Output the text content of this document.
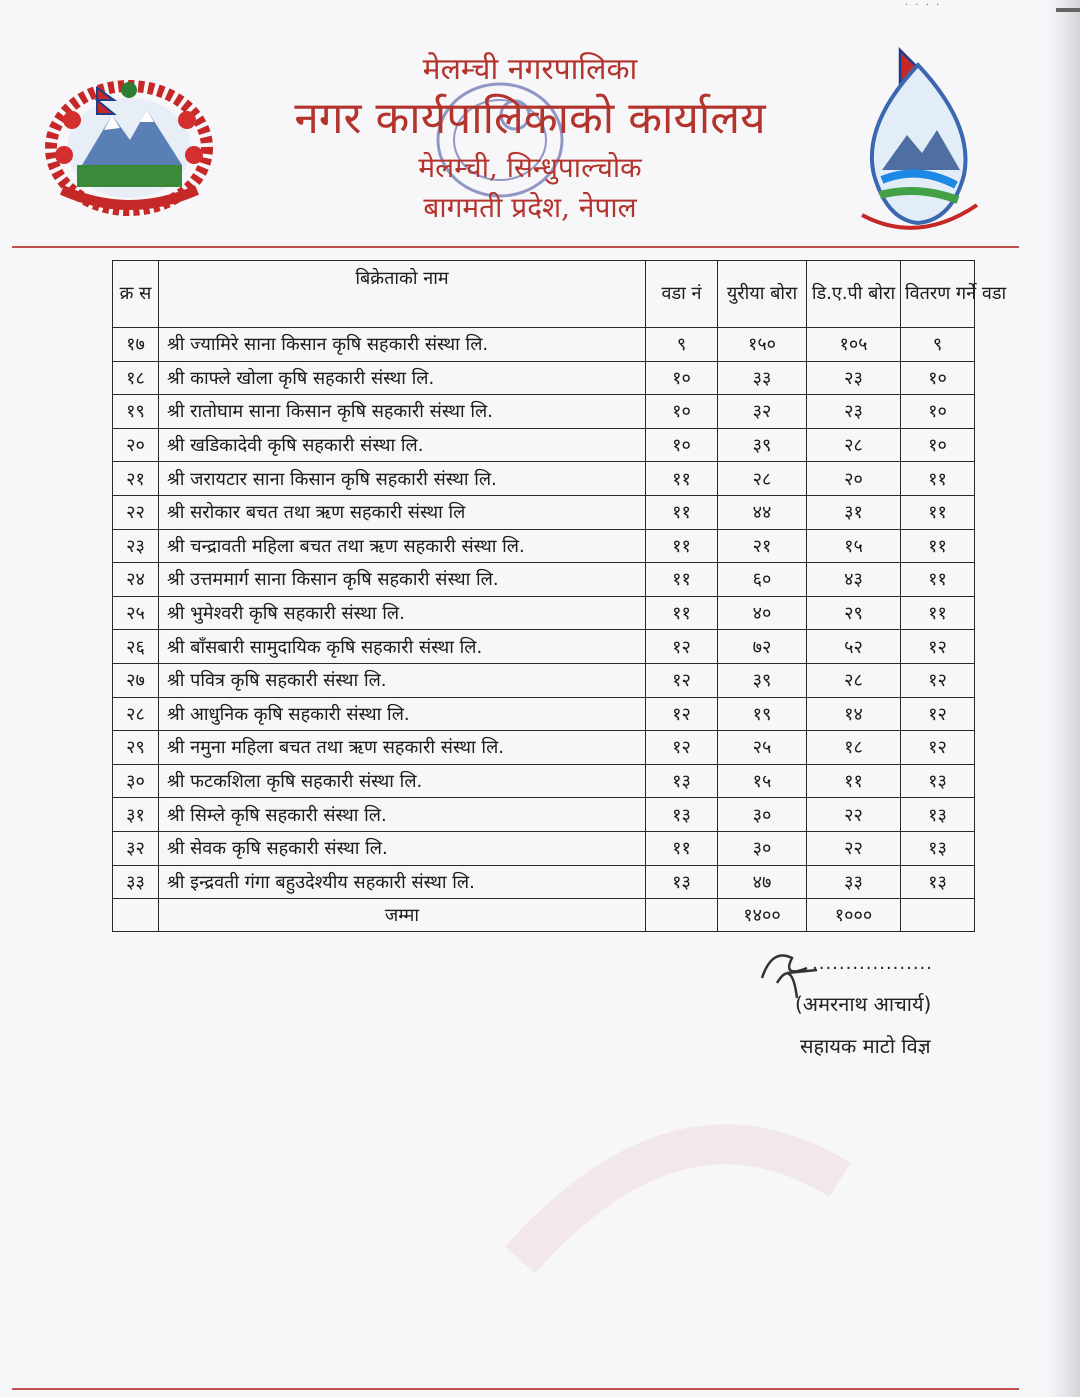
· · · ·
मेलम्ची नगरपालिका
नगर कार्यपालिकाको कार्यालय
मेलम्ची, सिन्धुपाल्चोक
बागमती प्रदेश, नेपाल
क्र स	बिक्रेताको नाम	वडा नं	युरीया बोरा	डि.ए.पी बोरा	वितरण गर्ने वडा
१७	श्री ज्यामिरे साना किसान कृषि सहकारी संस्था लि.	९	१५०	१०५	९
१८	श्री काफ्ले खोला कृषि सहकारी संस्था लि.	१०	३३	२३	१०
१९	श्री रातोघाम साना किसान कृषि सहकारी संस्था लि.	१०	३२	२३	१०
२०	श्री खडिकादेवी कृषि सहकारी संस्था लि.	१०	३९	२८	१०
२१	श्री जरायटार साना किसान कृषि सहकारी संस्था लि.	११	२८	२०	११
२२	श्री सरोकार बचत तथा ऋण सहकारी संस्था लि	११	४४	३१	११
२३	श्री चन्द्रावती महिला बचत तथा ऋण सहकारी संस्था लि.	११	२१	१५	११
२४	श्री उत्तममार्ग साना किसान कृषि सहकारी संस्था लि.	११	६०	४३	११
२५	श्री भुमेश्वरी कृषि सहकारी संस्था लि.	११	४०	२९	११
२६	श्री बाँसबारी सामुदायिक कृषि सहकारी संस्था लि.	१२	७२	५२	१२
२७	श्री पवित्र कृषि सहकारी संस्था लि.	१२	३९	२८	१२
२८	श्री आधुनिक कृषि सहकारी संस्था लि.	१२	१९	१४	१२
२९	श्री नमुना महिला बचत तथा ऋण सहकारी संस्था लि.	१२	२५	१८	१२
३०	श्री फटकशिला कृषि सहकारी संस्था लि.	१३	१५	११	१३
३१	श्री सिम्ले कृषि सहकारी संस्था लि.	१३	३०	२२	१३
३२	श्री सेवक कृषि सहकारी संस्था लि.	११	३०	२२	१३
३३	श्री इन्द्रवती गंगा बहुउदेश्यीय सहकारी संस्था लि.	१३	४७	३३	१३
	जम्मा		१४००	१०००	
..................
(अमरनाथ आचार्य)
सहायक माटो विज्ञ
